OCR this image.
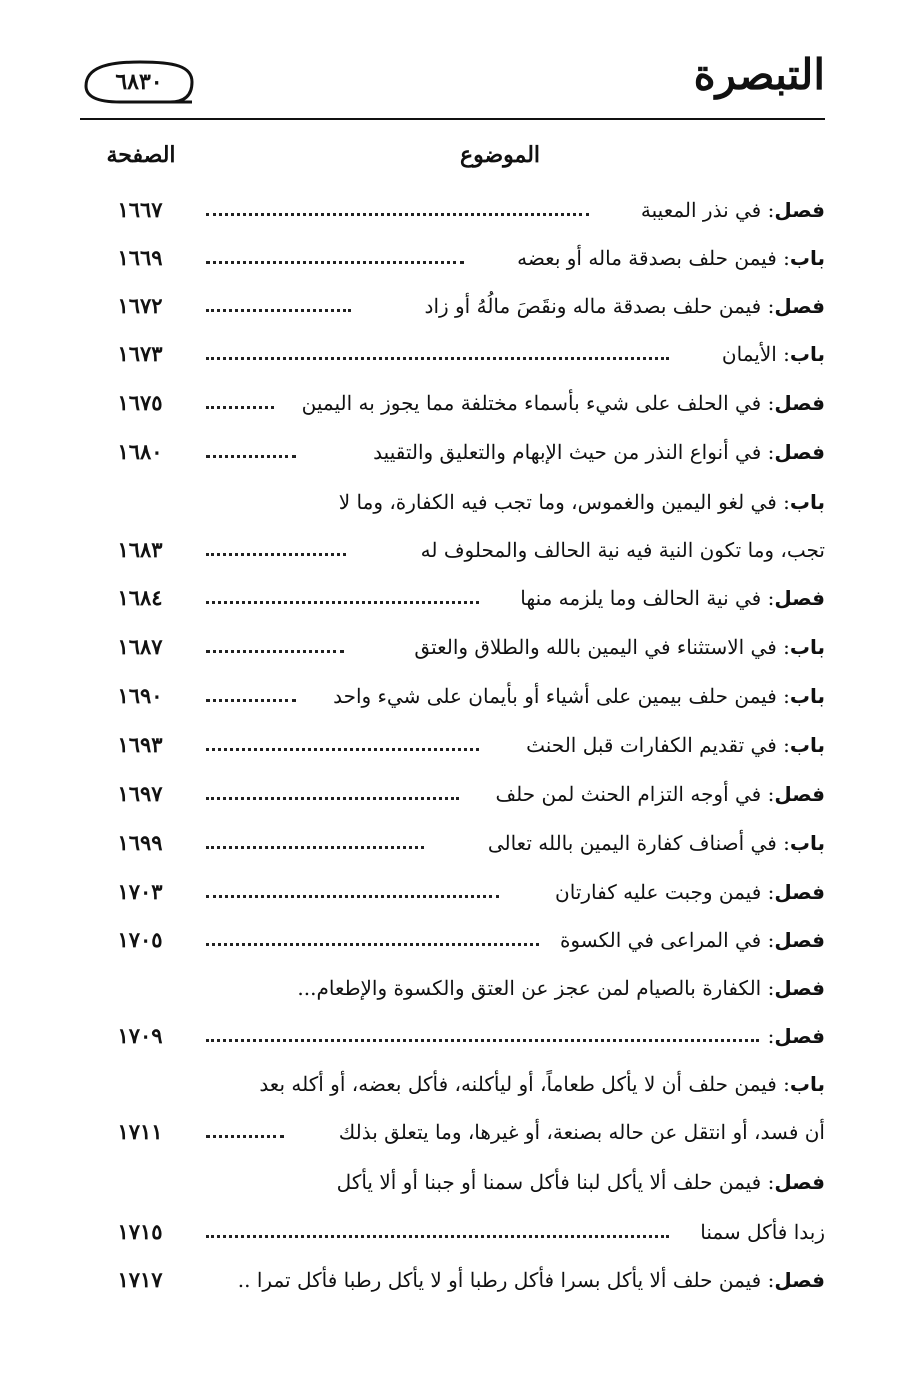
٦٨٣٠	التبصرة
الموضوع
الصفحة
فصل: في نذر المعيبة
١٦٦٧
باب: فيمن حلف بصدقة ماله أو بعضه
١٦٦٩
فصل: فيمن حلف بصدقة ماله ونقَصَ مالُهُ أو زاد
١٦٧٢
باب: الأيمان
١٦٧٣
فصل: في الحلف على شيء بأسماء مختلفة مما يجوز به اليمين
١٦٧٥
فصل: في أنواع النذر من حيث الإبهام والتعليق والتقييد
١٦٨٠
باب: في لغو اليمين والغموس، وما تجب فيه الكفارة، وما لا
تجب، وما تكون النية فيه نية الحالف والمحلوف له
١٦٨٣
فصل: في نية الحالف وما يلزمه منها
١٦٨٤
باب: في الاستثناء في اليمين بالله والطلاق والعتق
١٦٨٧
باب: فيمن حلف بيمين على أشياء أو بأيمان على شيء واحد
١٦٩٠
باب: في تقديم الكفارات قبل الحنث
١٦٩٣
فصل: في أوجه التزام الحنث لمن حلف
١٦٩٧
باب: في أصناف كفارة اليمين بالله تعالى
١٦٩٩
فصل: فيمن وجبت عليه كفارتان
١٧٠٣
فصل: في المراعى في الكسوة
١٧٠٥
فصل: الكفارة بالصيام لمن عجز عن العتق والكسوة والإطعام...
فصل:
١٧٠٩
باب: فيمن حلف أن لا يأكل طعاماً، أو ليأكلنه، فأكل بعضه، أو أكله بعد
أن فسد، أو انتقل عن حاله بصنعة، أو غيرها، وما يتعلق بذلك
١٧١١
فصل: فيمن حلف ألا يأكل لبنا فأكل سمنا أو جبنا أو ألا يأكل
زبدا فأكل سمنا
١٧١٥
فصل: فيمن حلف ألا يأكل بسرا فأكل رطبا أو لا يأكل رطبا فأكل تمرا ..
١٧١٧
